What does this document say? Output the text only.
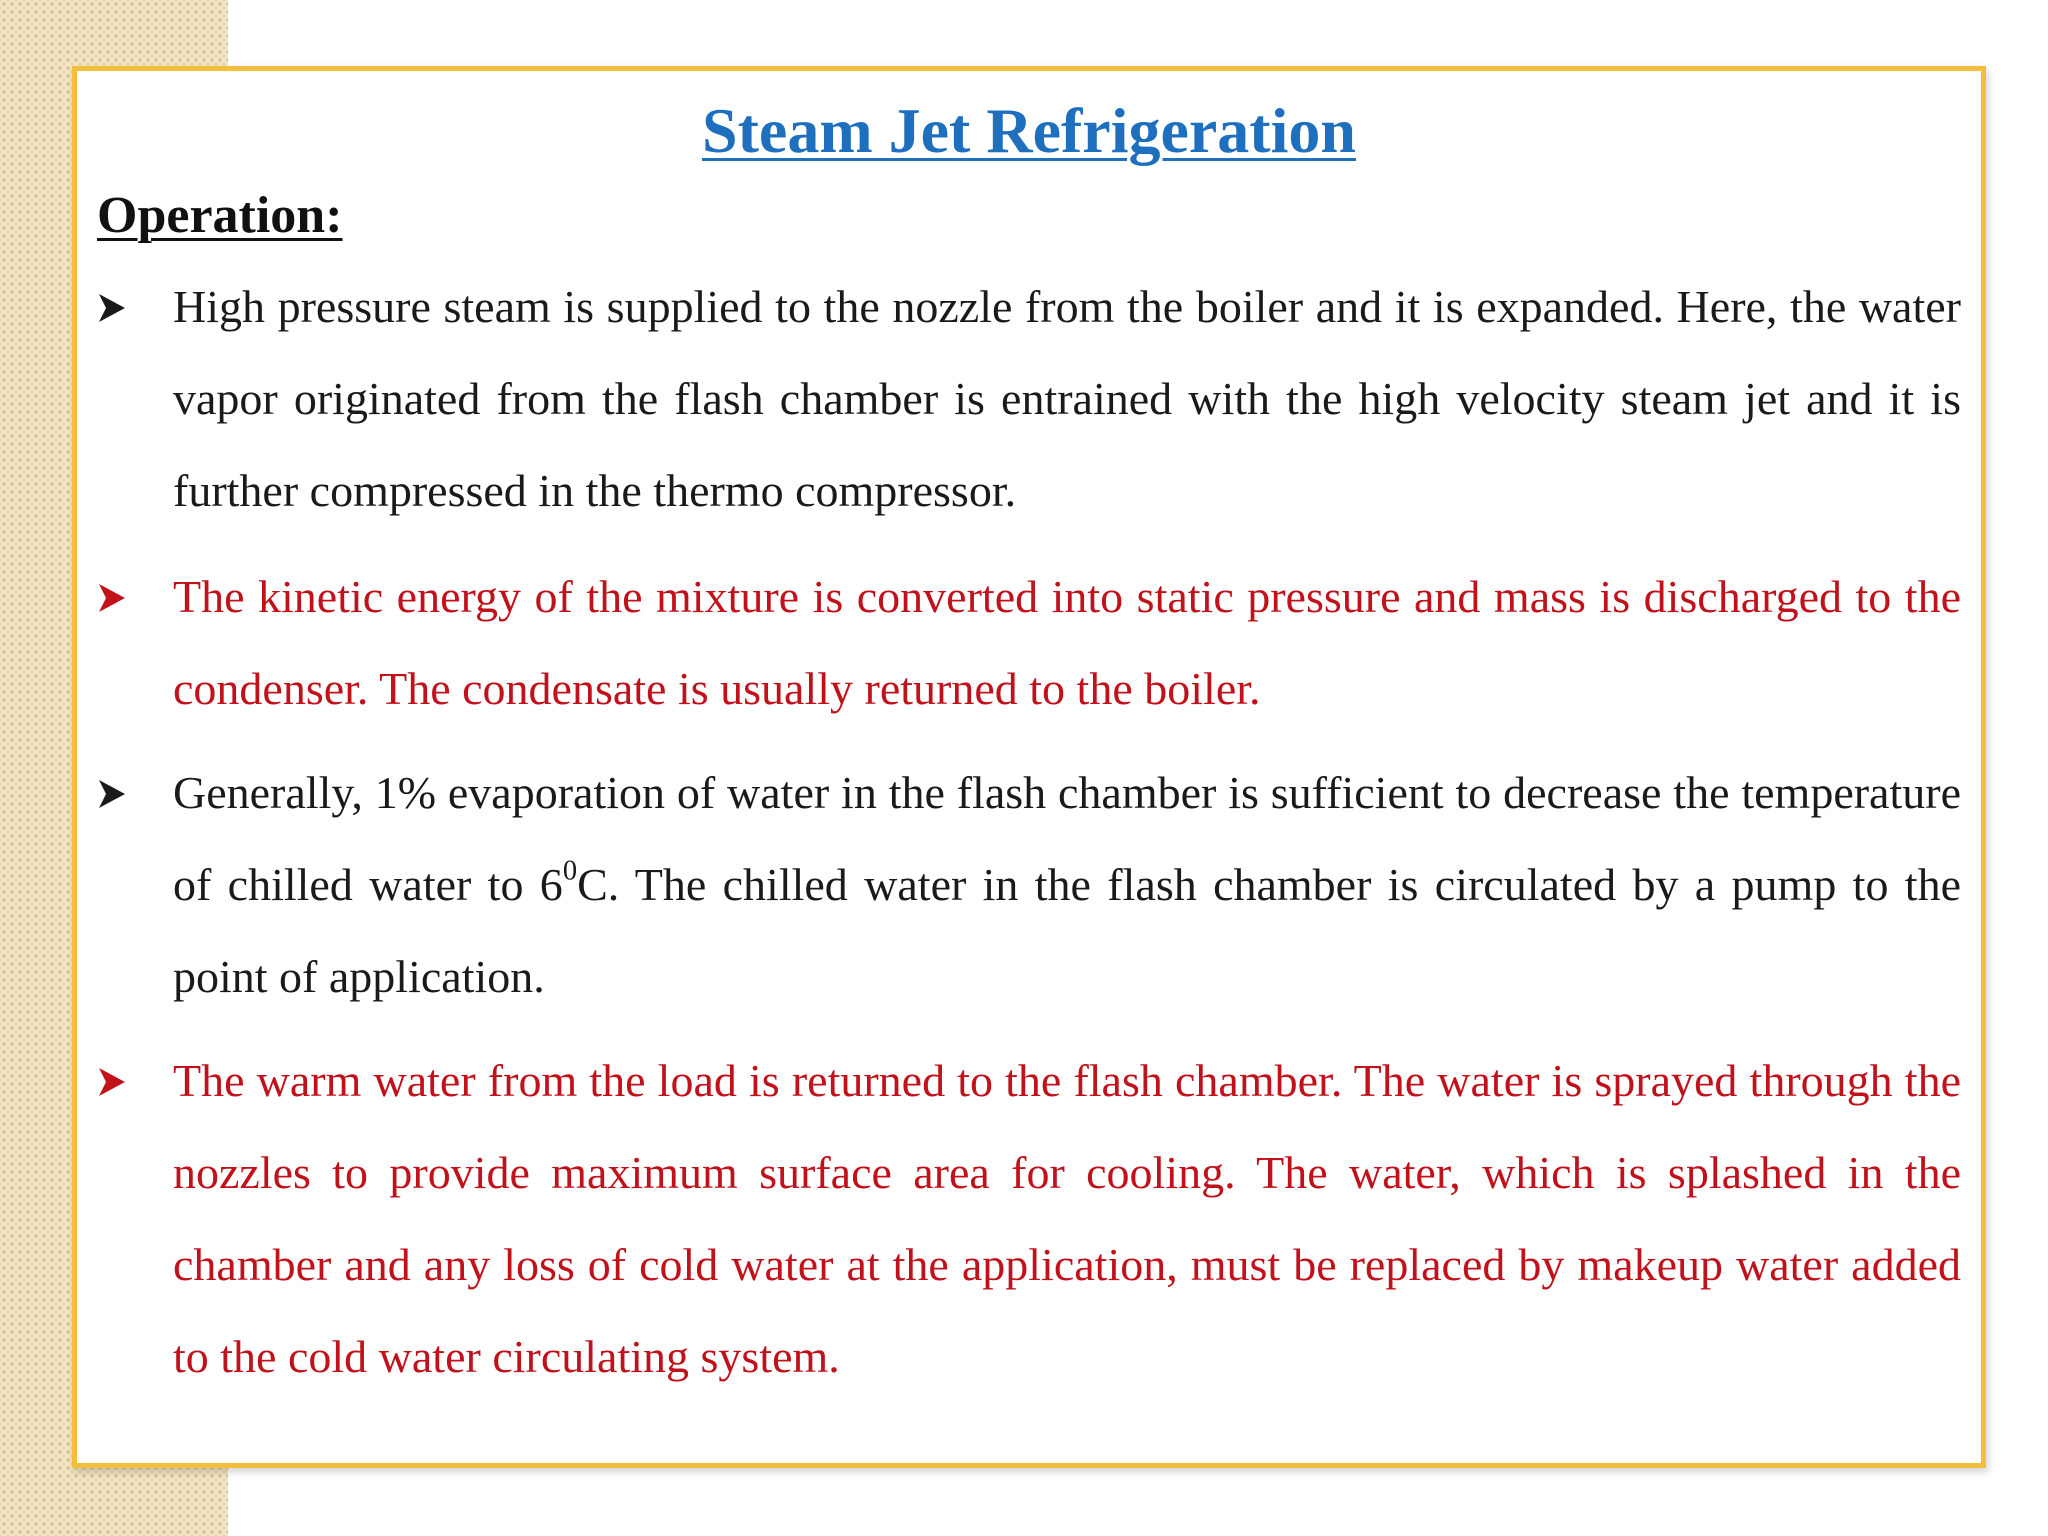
Steam Jet Refrigeration
Operation:

High pressure steam is supplied to the nozzle from the boiler and it is expanded. Here, the water vapor originated from the flash chamber is entrained with the high velocity steam jet and it is further compressed in the thermo compressor.

The kinetic energy of the mixture is converted into static pressure and mass is discharged to the condenser. The condensate is usually returned to the boiler.

Generally, 1% evaporation of water in the flash chamber is sufficient to decrease the temperature of chilled water to $6^0C$. The chilled water in the flash chamber is circulated by a pump to the point of application.

The warm water from the load is returned to the flash chamber. The water is sprayed through the nozzles to provide maximum surface area for cooling. The water, which is splashed in the chamber and any loss of cold water at the application, must be replaced by makeup water added to the cold water circulating system.
